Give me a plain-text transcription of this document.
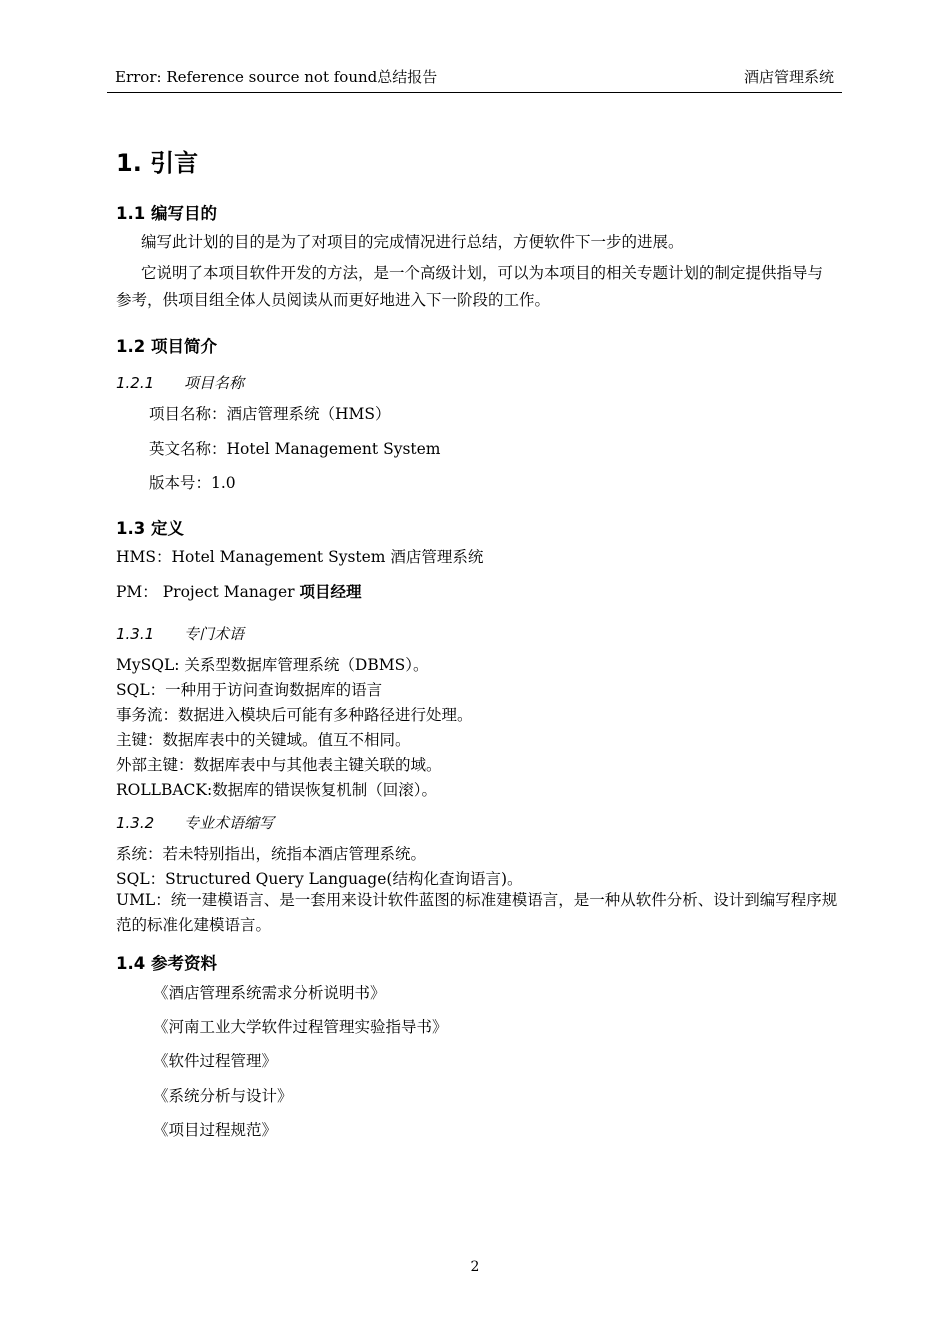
Error: Reference source not found总结报告	酒店管理系统
1. 引言
1.1 编写目的
编写此计划的目的是为了对项目的完成情况进行总结，方便软件下一步的进展。
它说明了本项目软件开发的方法，是一个高级计划，可以为本项目的相关专题计划的制定提供指导与参考，供项目组全体人员阅读从而更好地进入下一阶段的工作。
1.2 项目简介
1.2.1 项目名称
项目名称：酒店管理系统（HMS）
英文名称：Hotel Management System
版本号：1.0
1.3 定义
HMS：Hotel Management System 酒店管理系统
PM： Project Manager 项目经理
1.3.1 专门术语
MySQL: 关系型数据库管理系统（DBMS）。
SQL：一种用于访问查询数据库的语言
事务流：数据进入模块后可能有多种路径进行处理。
主键：数据库表中的关键域。值互不相同。
外部主键：数据库表中与其他表主键关联的域。
ROLLBACK:数据库的错误恢复机制（回滚）。
1.3.2 专业术语缩写
系统：若未特别指出，统指本酒店管理系统。
SQL：Structured Query Language(结构化查询语言)。
UML：统一建模语言、是一套用来设计软件蓝图的标准建模语言，是一种从软件分析、设计到编写程序规范的标准化建模语言。
1.4 参考资料
《酒店管理系统需求分析说明书》
《河南工业大学软件过程管理实验指导书》
《软件过程管理》
《系统分析与设计》
《项目过程规范》
2
